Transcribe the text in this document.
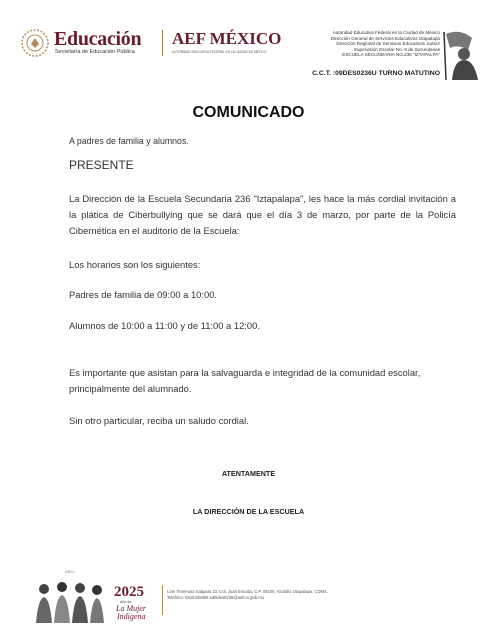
Educación
Secretaría de Educación Pública
AEF MÉXICO
AUTORIDAD EDUCATIVA FEDERAL EN LA CIUDAD DE MÉXICO
Autoridad Educativa Federal en la Ciudad de México
Dirección General de Servicios Educativos Iztapalapa
Dirección Regional de Servicios Educativos Juárez
Supervisión Escolar No. 8 de Secundarias
ESCUELA SECUNDARIA NO.236 "IZTAPALPA"
C.C.T. :09DES0236U TURNO MATUTINO
COMUNICADO
A padres de familia y alumnos.
PRESENTE
La Dirección de la Escuela Secundaria 236 "Iztapalapa", les hace la más cordial invitación a la plática de Ciberbullying que se dará que el día 3 de marzo, por parte de la Policía Cibernética en el auditorio de la Escuela:
Los horarios son los siguientes:
Padres de familia de 09:00 a 10:00.
Alumnos de 10:00 a 11:00 y de 11:00 a 12:00.
Es importante que asistan para la salvaguarda e integridad de la comunidad escolar, principalmente del alumnado.
Sin otro particular, reciba un saludo cordial.
ATENTAMENTE
LA DIRECCIÓN DE LA ESCUELA
ARCI
2025
Año de
La Mujer
Indígena
Lote Temeroso Salgado 23, Col. Juan Escutia, C.P. 09100, Alcaldía Iztapalapa, CDMX.
Teléfono: 5515336856 sd0ides0236@aefcm.gob.mx
